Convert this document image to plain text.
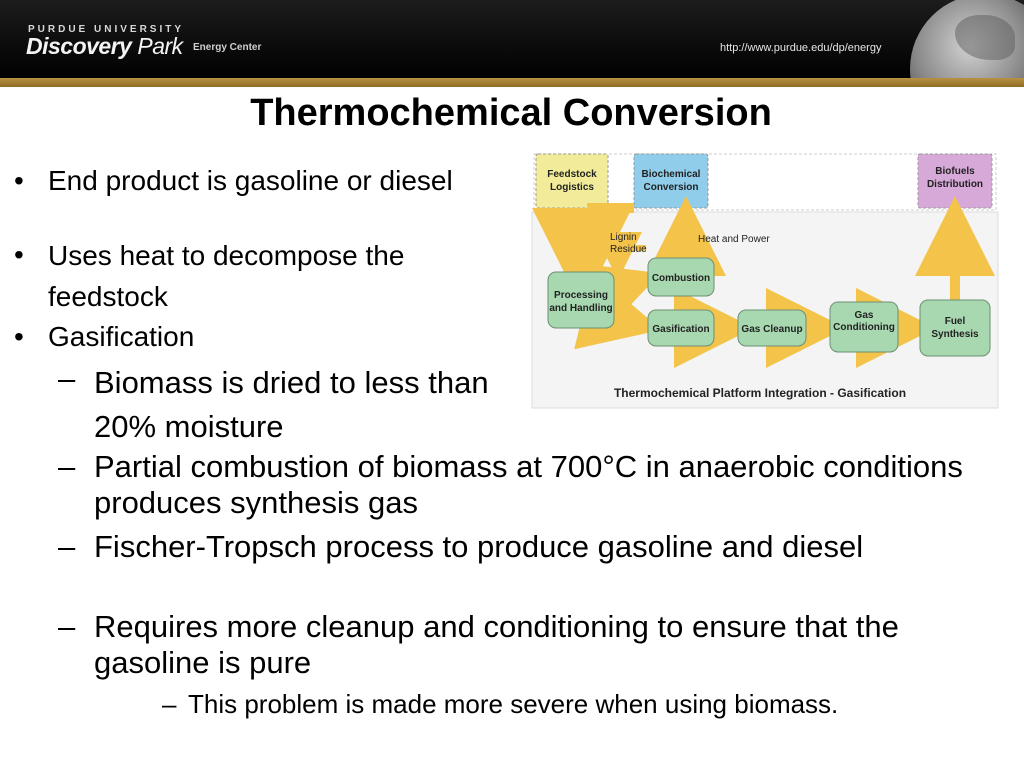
PURDUE UNIVERSITY
Discovery Park Energy Center	http://www.purdue.edu/dp/energy
Thermochemical Conversion
• End product is gasoline or diesel
• Uses heat to decompose the feedstock
• Gasification
– Biomass is dried to less than 20% moisture
– Partial combustion of biomass at 700°C in anaerobic conditions produces synthesis gas
– Fischer-Tropsch process to produce gasoline and diesel
– Requires more cleanup and conditioning to ensure that the gasoline is pure
– This problem is made more severe when using biomass.
Feedstock Logistics
Biochemical Conversion
Biofuels Distribution
Lignin Residue
Heat and Power
Processing and Handling
Combustion
Gasification	Gas Cleanup
Gas Conditioning
Fuel Synthesis
Thermochemical Platform Integration - Gasification
